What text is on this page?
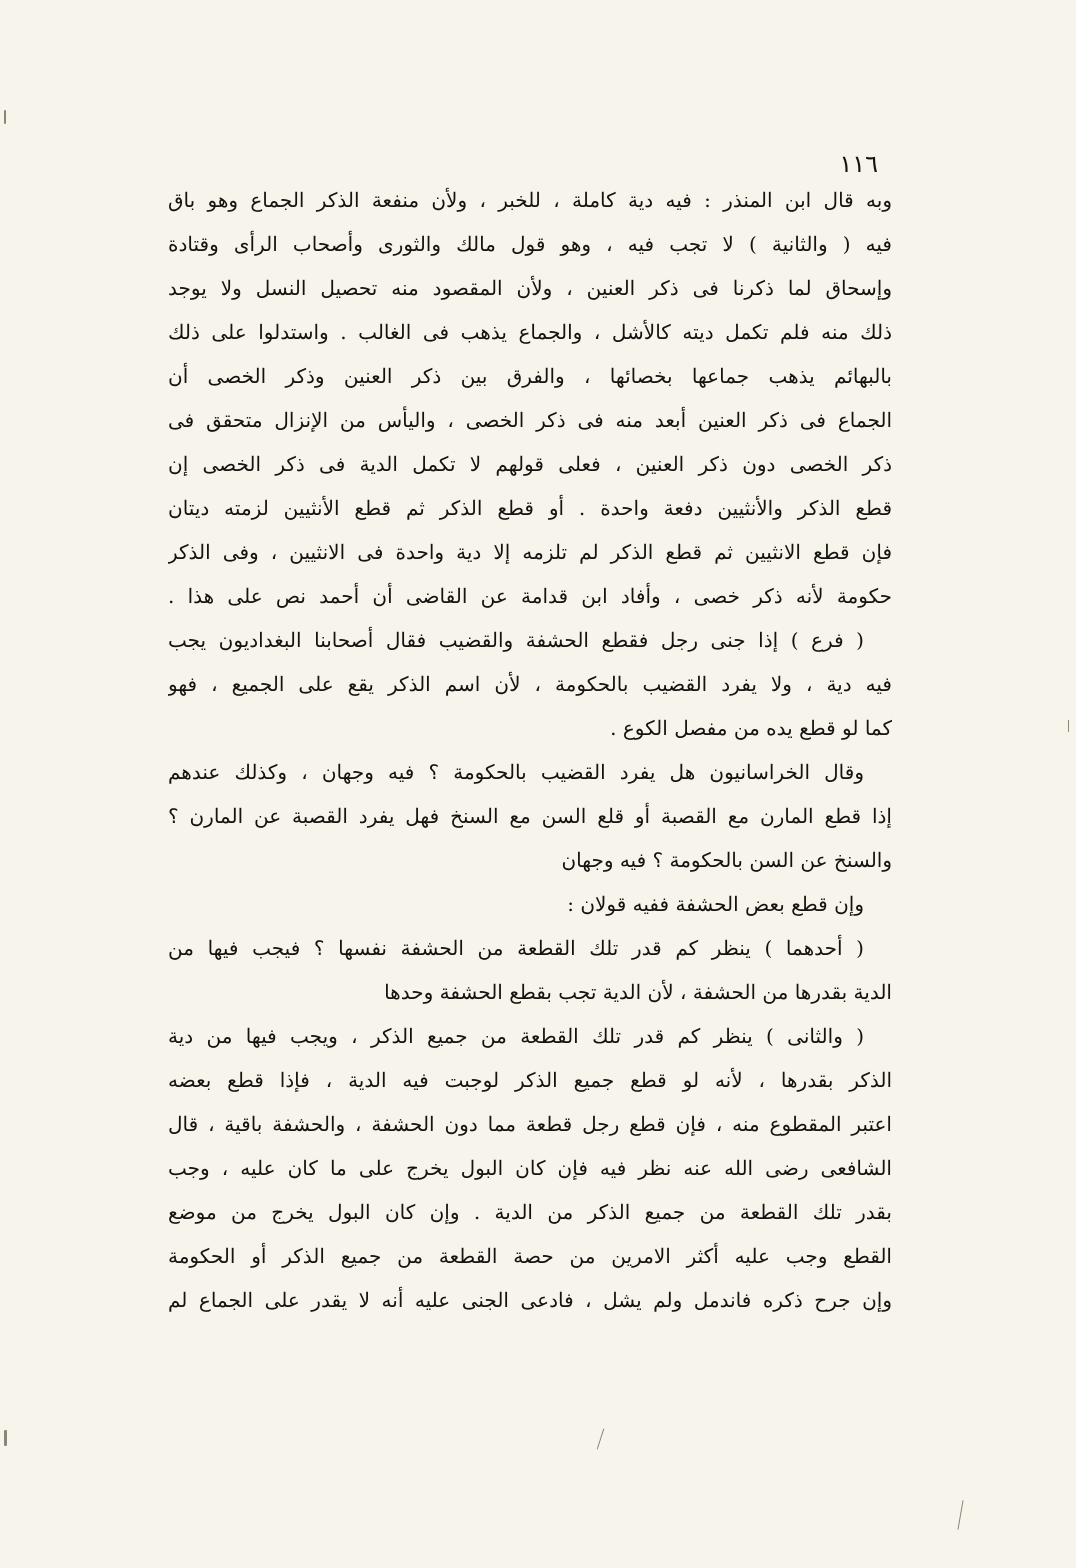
١١٦
وبه قال ابن المنذر : فيه دية كاملة ، للخبر ، ولأن منفعة الذكر الجماع وهو باق
فيه ( والثانية ) لا تجب فيه ، وهو قول مالك والثورى وأصحاب الرأى وقتادة
وإسحاق لما ذكرنا فى ذكر العنين ، ولأن المقصود منه تحصيل النسل ولا يوجد
ذلك منه فلم تكمل ديته كالأشل ، والجماع يذهب فى الغالب . واستدلوا على ذلك
بالبهائم يذهب جماعها بخصائها ، والفرق بين ذكر العنين وذكر الخصى أن
الجماع فى ذكر العنين أبعد منه فى ذكر الخصى ، واليأس من الإنزال متحقق فى
ذكر الخصى دون ذكر العنين ، فعلى قولهم لا تكمل الدية فى ذكر الخصى إن
قطع الذكر والأنثيين دفعة واحدة . أو قطع الذكر ثم قطع الأنثيين لزمته ديتان
فإن قطع الانثيين ثم قطع الذكر لم تلزمه إلا دية واحدة فى الانثيين ، وفى الذكر
حكومة لأنه ذكر خصى ، وأفاد ابن قدامة عن القاضى أن أحمد نص على هذا .
( فرع ) إذا جنى رجل فقطع الحشفة والقضيب فقال أصحابنا البغداديون يجب
فيه دية ، ولا يفرد القضيب بالحكومة ، لأن اسم الذكر يقع على الجميع ، فهو
كما لو قطع يده من مفصل الكوع .
وقال الخراسانيون هل يفرد القضيب بالحكومة ؟ فيه وجهان ، وكذلك عندهم
إذا قطع المارن مع القصبة أو قلع السن مع السنخ فهل يفرد القصبة عن المارن ؟
والسنخ عن السن بالحكومة ؟ فيه وجهان
وإن قطع بعض الحشفة ففيه قولان :
( أحدهما ) ينظر كم قدر تلك القطعة من الحشفة نفسها ؟ فيجب فيها من
الدية بقدرها من الحشفة ، لأن الدية تجب بقطع الحشفة وحدها
( والثانى ) ينظر كم قدر تلك القطعة من جميع الذكر ، ويجب فيها من دية
الذكر بقدرها ، لأنه لو قطع جميع الذكر لوجبت فيه الدية ، فإذا قطع بعضه
اعتبر المقطوع منه ، فإن قطع رجل قطعة مما دون الحشفة ، والحشفة باقية ، قال
الشافعى رضى الله عنه نظر فيه فإن كان البول يخرج على ما كان عليه ، وجب
بقدر تلك القطعة من جميع الذكر من الدية . وإن كان البول يخرج من موضع
القطع وجب عليه أكثر الامرين من حصة القطعة من جميع الذكر أو الحكومة
وإن جرح ذكره فاندمل ولم يشل ، فادعى الجنى عليه أنه لا يقدر على الجماع لم
